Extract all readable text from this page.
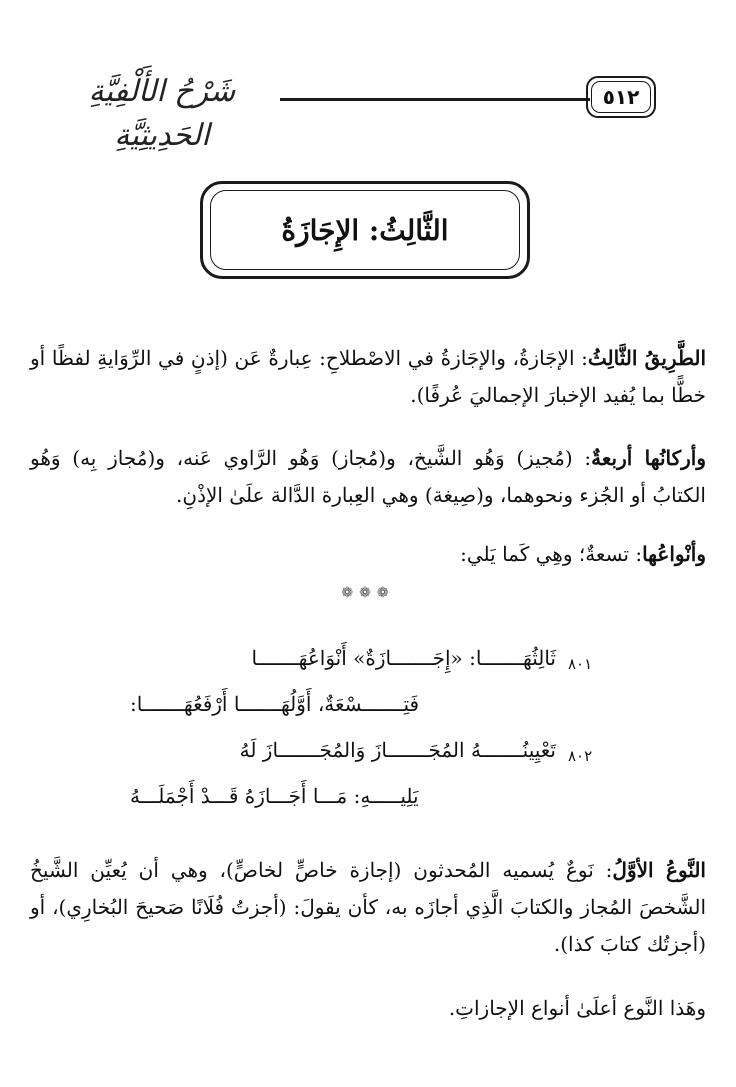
شَرْحُ الأَلْفِيَّةِ الحَدِيثِيَّةِ
٥١٢
الثَّالِثُ: الإِجَازَةُ
الطَّرِيقُ الثَّالِثُ: الإجَازةُ، والإجَازةُ في الاصْطلاحِ: عِبارةٌ عَن (إذنٍ في الرِّوَايةِ لفظًا أو خطًّا بما يُفيد الإخبارَ الإجماليَ عُرفًا).
وأركانُها أربعةٌ: (مُجيز) وَهُو الشَّيخ، و(مُجاز) وَهُو الرَّاوي عَنه، و(مُجاز بِه) وَهُو الكتابُ أو الجُزء ونحوهما، و(صِيغة) وهي العِبارة الدَّالة علَىٰ الإذْنِ.
وأنْواعُها: تسعةٌ؛ وهِي كَما يَلي:
❁❁❁
٨٠١
ثَالِثُهَـــــــا: «إِجَـــــــازَةٌ» أَنْوَاعُهَـــــــا
فَتِـــــــسْعَةٌ، أَوَّلُهَـــــــا أَرْفَعُهَـــــــا:
٨٠٢
تَعْيِينُـــــــهُ المُجَـــــــازَ وَالمُجَـــــــازَ لَهُ
يَلِيـــــهِ: مَـــا أَجَـــازَهُ قَـــدْ أَجْمَلَـــهُ
النَّوعُ الأوَّلُ: نَوعٌ يُسميه المُحدثون (إجازة خاصٍّ لخاصٍّ)، وهي أن يُعيِّن الشَّيخُ الشَّخصَ المُجاز والكتابَ الَّذِي أجازَه به، كأن يقولَ: (أجزتُ فُلَانًا صَحيحَ البُخارِي)، أو (أجزتُك كتابَ كذا).
وهَذا النَّوع أعلَىٰ أنواع الإجازاتِ.
